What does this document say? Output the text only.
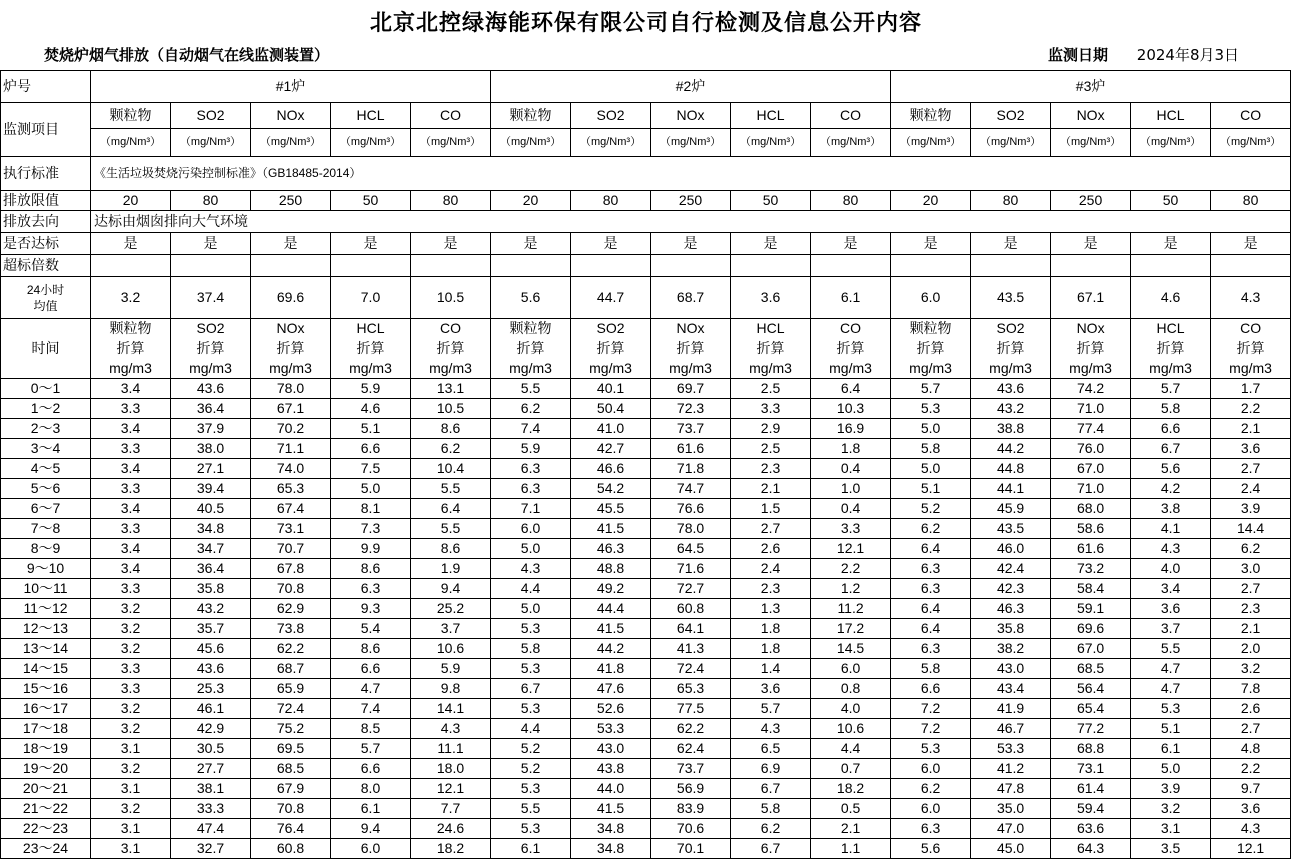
北京北控绿海能环保有限公司自行检测及信息公开内容
焚烧炉烟气排放（自动烟气在线监测装置）	监测日期 2024年8月3日
炉号	#1炉					#2炉					#3炉				
监测项目	颗粒物	SO2	NOx	HCL	CO	颗粒物	SO2	NOx	HCL	CO	颗粒物	SO2	NOx	HCL	CO
	（mg/Nm³）	（mg/Nm³）	（mg/Nm³）	（mg/Nm³）	（mg/Nm³）	（mg/Nm³）	（mg/Nm³）	（mg/Nm³）	（mg/Nm³）	（mg/Nm³）	（mg/Nm³）	（mg/Nm³）	（mg/Nm³）	（mg/Nm³）	（mg/Nm³）
执行标准	《生活垃圾焚烧污染控制标准》（GB18485-2014）														
排放限值	20	80	250	50	80	20	80	250	50	80	20	80	250	50	80
排放去向	达标由烟囱排向大气环境														
是否达标	是	是	是	是	是	是	是	是	是	是	是	是	是	是	是
超标倍数															
24小时
均值	3.2	37.4	69.6	7.0	10.5	5.6	44.7	68.7	3.6	6.1	6.0	43.5	67.1	4.6	4.3
时间	颗粒物	SO2	NOx	HCL	CO	颗粒物	SO2	NOx	HCL	CO	颗粒物	SO2	NOx	HCL	CO
	折算	折算	折算	折算	折算	折算	折算	折算	折算	折算	折算	折算	折算	折算	折算
	mg/m3	mg/m3	mg/m3	mg/m3	mg/m3	mg/m3	mg/m3	mg/m3	mg/m3	mg/m3	mg/m3	mg/m3	mg/m3	mg/m3	mg/m3
0～1	3.4	43.6	78.0	5.9	13.1	5.5	40.1	69.7	2.5	6.4	5.7	43.6	74.2	5.7	1.7
1～2	3.3	36.4	67.1	4.6	10.5	6.2	50.4	72.3	3.3	10.3	5.3	43.2	71.0	5.8	2.2
2～3	3.4	37.9	70.2	5.1	8.6	7.4	41.0	73.7	2.9	16.9	5.0	38.8	77.4	6.6	2.1
3～4	3.3	38.0	71.1	6.6	6.2	5.9	42.7	61.6	2.5	1.8	5.8	44.2	76.0	6.7	3.6
4～5	3.4	27.1	74.0	7.5	10.4	6.3	46.6	71.8	2.3	0.4	5.0	44.8	67.0	5.6	2.7
5～6	3.3	39.4	65.3	5.0	5.5	6.3	54.2	74.7	2.1	1.0	5.1	44.1	71.0	4.2	2.4
6～7	3.4	40.5	67.4	8.1	6.4	7.1	45.5	76.6	1.5	0.4	5.2	45.9	68.0	3.8	3.9
7～8	3.3	34.8	73.1	7.3	5.5	6.0	41.5	78.0	2.7	3.3	6.2	43.5	58.6	4.1	14.4
8～9	3.4	34.7	70.7	9.9	8.6	5.0	46.3	64.5	2.6	12.1	6.4	46.0	61.6	4.3	6.2
9～10	3.4	36.4	67.8	8.6	1.9	4.3	48.8	71.6	2.4	2.2	6.3	42.4	73.2	4.0	3.0
10～11	3.3	35.8	70.8	6.3	9.4	4.4	49.2	72.7	2.3	1.2	6.3	42.3	58.4	3.4	2.7
11～12	3.2	43.2	62.9	9.3	25.2	5.0	44.4	60.8	1.3	11.2	6.4	46.3	59.1	3.6	2.3
12～13	3.2	35.7	73.8	5.4	3.7	5.3	41.5	64.1	1.8	17.2	6.4	35.8	69.6	3.7	2.1
13～14	3.2	45.6	62.2	8.6	10.6	5.8	44.2	41.3	1.8	14.5	6.3	38.2	67.0	5.5	2.0
14～15	3.3	43.6	68.7	6.6	5.9	5.3	41.8	72.4	1.4	6.0	5.8	43.0	68.5	4.7	3.2
15～16	3.3	25.3	65.9	4.7	9.8	6.7	47.6	65.3	3.6	0.8	6.6	43.4	56.4	4.7	7.8
16～17	3.2	46.1	72.4	7.4	14.1	5.3	52.6	77.5	5.7	4.0	7.2	41.9	65.4	5.3	2.6
17～18	3.2	42.9	75.2	8.5	4.3	4.4	53.3	62.2	4.3	10.6	7.2	46.7	77.2	5.1	2.7
18～19	3.1	30.5	69.5	5.7	11.1	5.2	43.0	62.4	6.5	4.4	5.3	53.3	68.8	6.1	4.8
19～20	3.2	27.7	68.5	6.6	18.0	5.2	43.8	73.7	6.9	0.7	6.0	41.2	73.1	5.0	2.2
20～21	3.1	38.1	67.9	8.0	12.1	5.3	44.0	56.9	6.7	18.2	6.2	47.8	61.4	3.9	9.7
21～22	3.2	33.3	70.8	6.1	7.7	5.5	41.5	83.9	5.8	0.5	6.0	35.0	59.4	3.2	3.6
22～23	3.1	47.4	76.4	9.4	24.6	5.3	34.8	70.6	6.2	2.1	6.3	47.0	63.6	3.1	4.3
23～24	3.1	32.7	60.8	6.0	18.2	6.1	34.8	70.1	6.7	1.1	5.6	45.0	64.3	3.5	12.1
